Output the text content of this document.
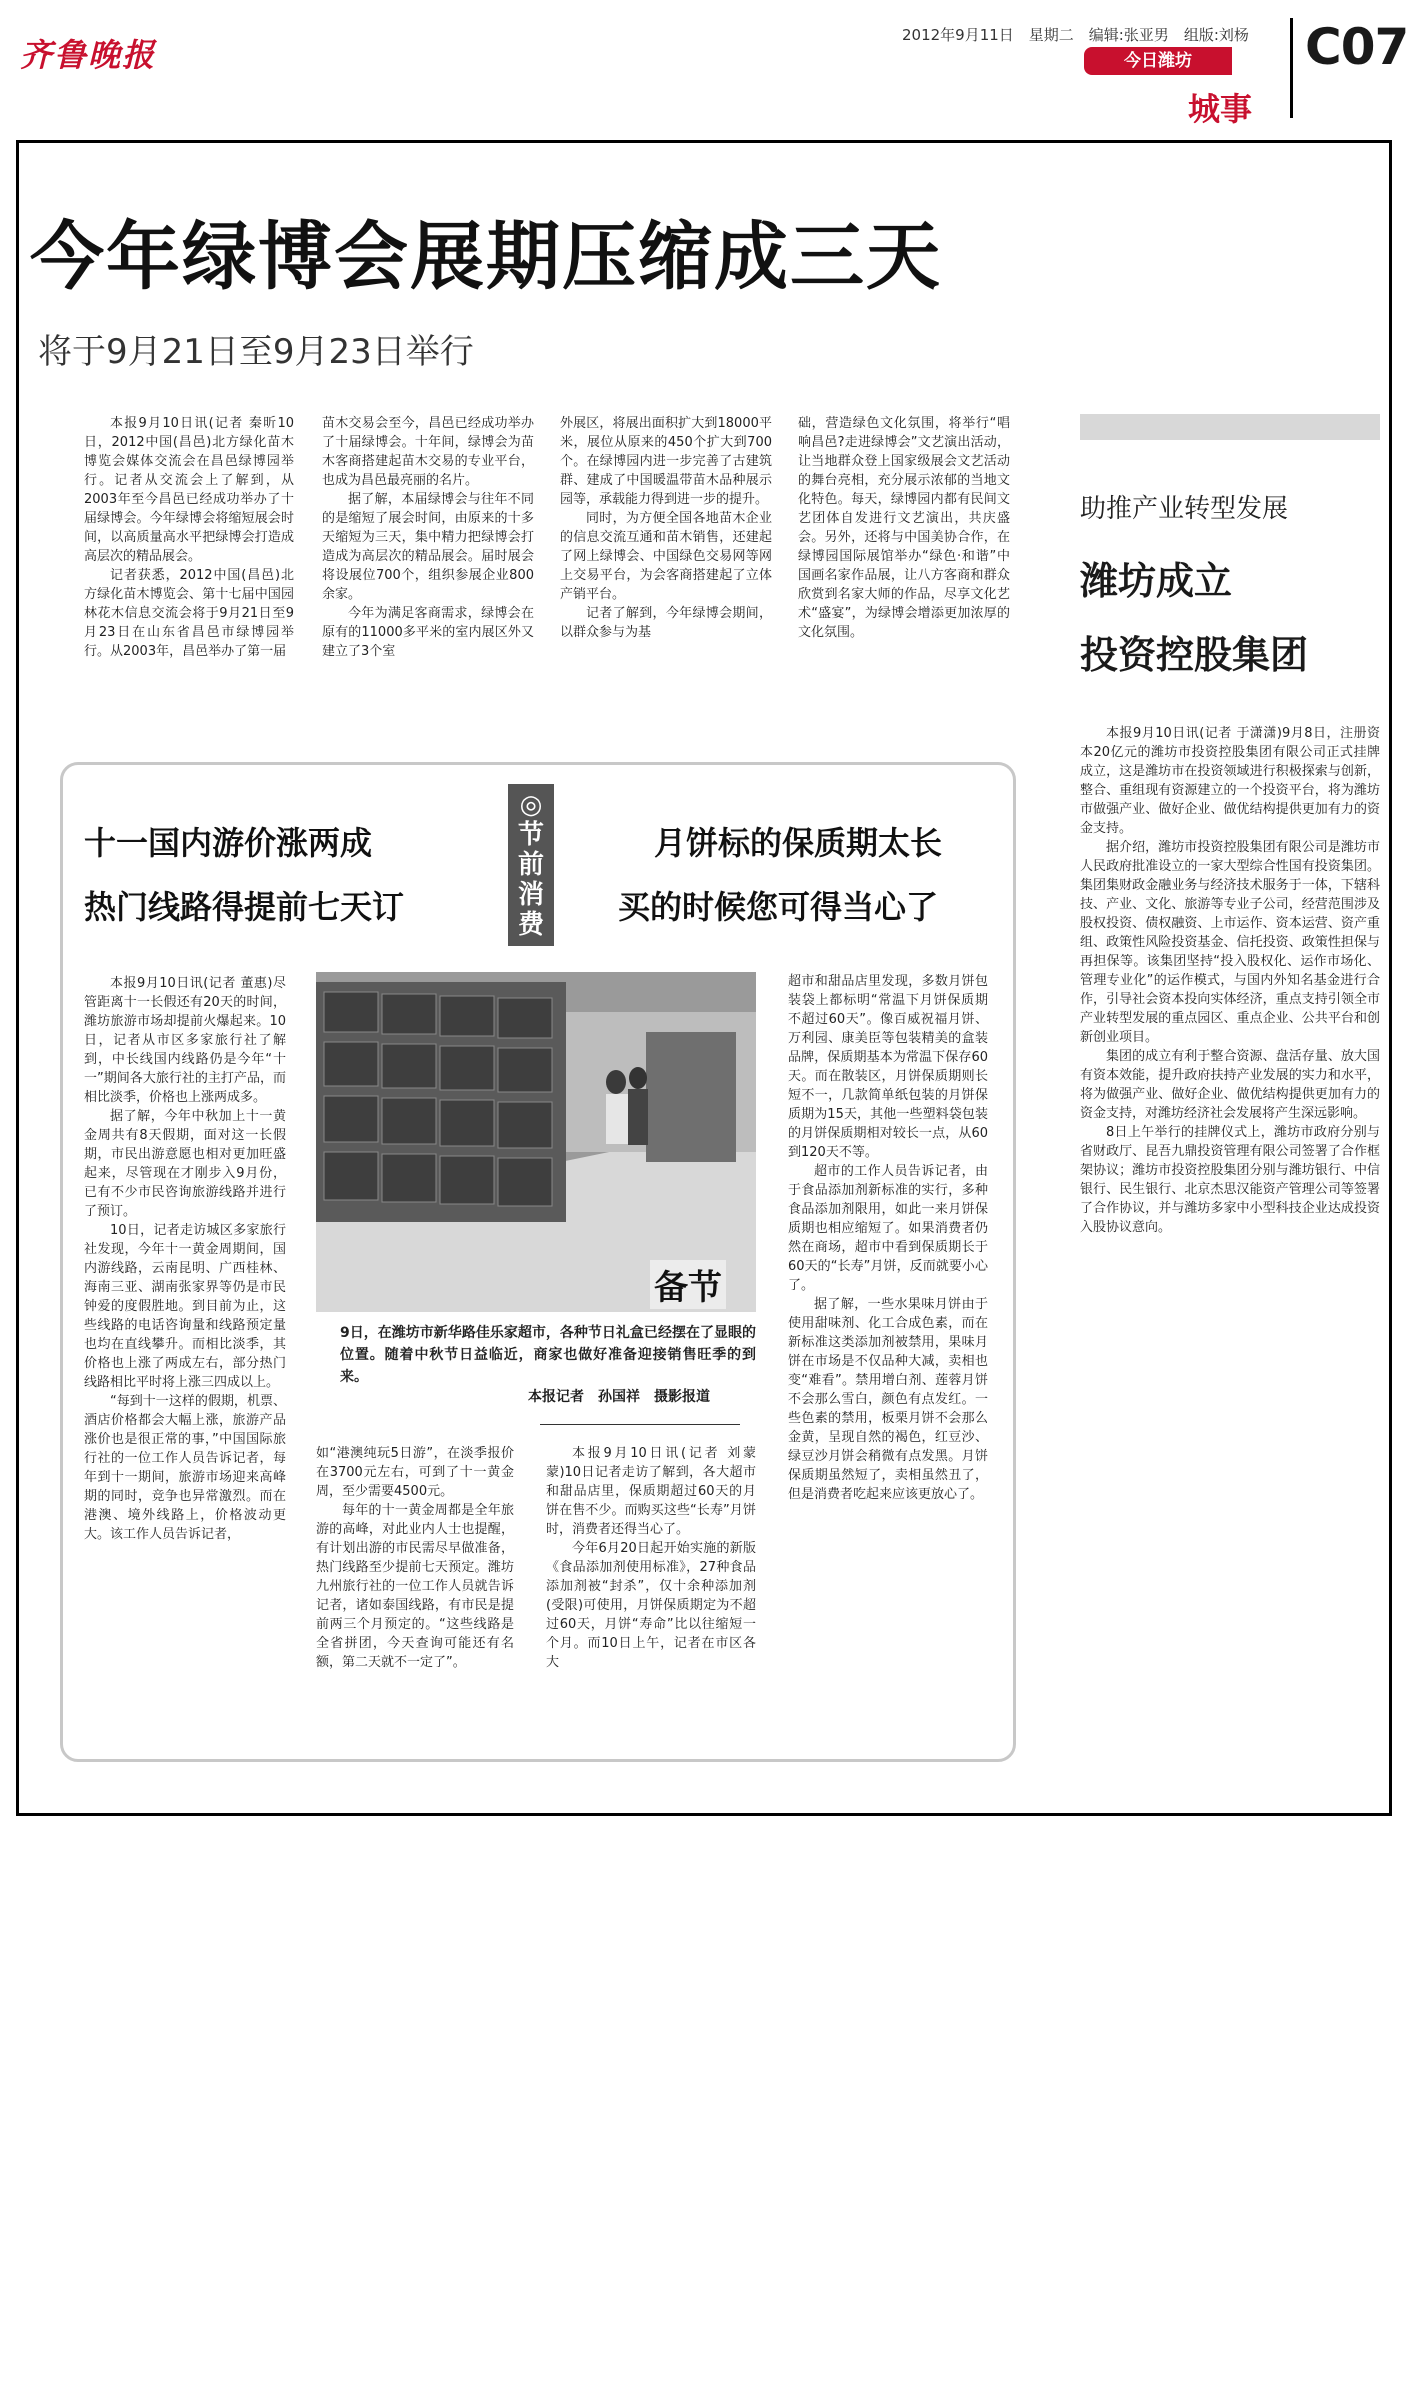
齐鲁晚报
2012年9月11日　星期二　编辑:张亚男　组版:刘杨
今日潍坊
城事
C07
今年绿博会展期压缩成三天
将于9月21日至9月23日举行

本报9月10日讯(记者 秦昕10日，2012中国(昌邑)北方绿化苗木博览会媒体交流会在昌邑绿博园举行。记者从交流会上了解到，从2003年至今昌邑已经成功举办了十届绿博会。今年绿博会将缩短展会时间，以高质量高水平把绿博会打造成高层次的精品展会。

记者获悉，2012中国(昌邑)北方绿化苗木博览会、第十七届中国园林花木信息交流会将于9月21日至9月23日在山东省昌邑市绿博园举行。从2003年，昌邑举办了第一届

苗木交易会至今，昌邑已经成功举办了十届绿博会。十年间，绿博会为苗木客商搭建起苗木交易的专业平台，也成为昌邑最亮丽的名片。

据了解，本届绿博会与往年不同的是缩短了展会时间，由原来的十多天缩短为三天，集中精力把绿博会打造成为高层次的精品展会。届时展会将设展位700个，组织参展企业800余家。

今年为满足客商需求，绿博会在原有的11000多平米的室内展区外又建立了3个室

外展区，将展出面积扩大到18000平米，展位从原来的450个扩大到700个。在绿博园内进一步完善了古建筑群、建成了中国暖温带苗木品种展示园等，承载能力得到进一步的提升。

同时，为方便全国各地苗木企业的信息交流互通和苗木销售，还建起了网上绿博会、中国绿色交易网等网上交易平台，为会客商搭建起了立体产销平台。

记者了解到，今年绿博会期间，以群众参与为基

础，营造绿色文化氛围，将举行“唱响昌邑?走进绿博会”文艺演出活动，让当地群众登上国家级展会文艺活动的舞台亮相，充分展示浓郁的当地文化特色。每天，绿博园内都有民间文艺团体自发进行文艺演出，共庆盛会。另外，还将与中国美协合作，在绿博园国际展馆举办“绿色·和谐”中国画名家作品展，让八方客商和群众欣赏到名家大师的作品，尽享文化艺术“盛宴”，为绿博会增添更加浓厚的文化氛围。

助推产业转型发展
潍坊成立
投资控股集团

本报9月10日讯(记者 于潇潇)9月8日，注册资本20亿元的潍坊市投资控股集团有限公司正式挂牌成立，这是潍坊市在投资领域进行积极探索与创新，整合、重组现有资源建立的一个投资平台，将为潍坊市做强产业、做好企业、做优结构提供更加有力的资金支持。

据介绍，潍坊市投资控股集团有限公司是潍坊市人民政府批准设立的一家大型综合性国有投资集团。集团集财政金融业务与经济技术服务于一体，下辖科技、产业、文化、旅游等专业子公司，经营范围涉及股权投资、债权融资、上市运作、资本运营、资产重组、政策性风险投资基金、信托投资、政策性担保与再担保等。该集团坚持“投入股权化、运作市场化、管理专业化”的运作模式，与国内外知名基金进行合作，引导社会资本投向实体经济，重点支持引领全市产业转型发展的重点园区、重点企业、公共平台和创新创业项目。

集团的成立有利于整合资源、盘活存量、放大国有资本效能，提升政府扶持产业发展的实力和水平，将为做强产业、做好企业、做优结构提供更加有力的资金支持，对潍坊经济社会发展将产生深远影响。

8日上午举行的挂牌仪式上，潍坊市政府分别与省财政厅、昆吾九鼎投资管理有限公司签署了合作框架协议；潍坊市投资控股集团分别与潍坊银行、中信银行、民生银行、北京杰思汉能资产管理公司等签署了合作协议，并与潍坊多家中小型科技企业达成投资入股协议意向。

十一国内游价涨两成
热门线路得提前七天订
◎节前消费◎
月饼标的保质期太长
买的时候您可得当心了

本报9月10日讯(记者 董惠)尽管距离十一长假还有20天的时间，潍坊旅游市场却提前火爆起来。10日，记者从市区多家旅行社了解到，中长线国内线路仍是今年“十一”期间各大旅行社的主打产品，而相比淡季，价格也上涨两成多。

据了解，今年中秋加上十一黄金周共有8天假期，面对这一长假期，市民出游意愿也相对更加旺盛起来，尽管现在才刚步入9月份，已有不少市民咨询旅游线路并进行了预订。

10日，记者走访城区多家旅行社发现，今年十一黄金周期间，国内游线路，云南昆明、广西桂林、海南三亚、湖南张家界等仍是市民钟爱的度假胜地。到目前为止，这些线路的电话咨询量和线路预定量也均在直线攀升。而相比淡季，其价格也上涨了两成左右，部分热门线路相比平时将上涨三四成以上。

“每到十一这样的假期，机票、酒店价格都会大幅上涨，旅游产品涨价也是很正常的事，”中国国际旅行社的一位工作人员告诉记者，每年到十一期间，旅游市场迎来高峰期的同时，竞争也异常激烈。而在港澳、境外线路上，价格波动更大。该工作人员告诉记者，

如“港澳纯玩5日游”，在淡季报价在3700元左右，可到了十一黄金周，至少需要4500元。

每年的十一黄金周都是全年旅游的高峰，对此业内人士也提醒，有计划出游的市民需尽早做准备，热门线路至少提前七天预定。潍坊九州旅行社的一位工作人员就告诉记者，诸如泰国线路，有市民是提前两三个月预定的。“这些线路是全省拼团，今天查询可能还有名额，第二天就不一定了”。

备节
9日，在潍坊市新华路佳乐家超市，各种节日礼盒已经摆在了显眼的位置。随着中秋节日益临近，商家也做好准备迎接销售旺季的到来。
本报记者　孙国祥　摄影报道

本报9月10日讯(记者 刘蒙蒙)10日记者走访了解到，各大超市和甜品店里，保质期超过60天的月饼在售不少。而购买这些“长寿”月饼时，消费者还得当心了。

今年6月20日起开始实施的新版《食品添加剂使用标准》，27种食品添加剂被“封杀”，仅十余种添加剂(受限)可使用，月饼保质期定为不超过60天，月饼“寿命”比以往缩短一个月。而10日上午，记者在市区各大

超市和甜品店里发现，多数月饼包装袋上都标明“常温下月饼保质期不超过60天”。像百威祝福月饼、万利园、康美臣等包装精美的盒装品牌，保质期基本为常温下保存60天。而在散装区，月饼保质期则长短不一，几款简单纸包装的月饼保质期为15天，其他一些塑料袋包装的月饼保质期相对较长一点，从60到120天不等。

超市的工作人员告诉记者，由于食品添加剂新标准的实行，多种食品添加剂限用，如此一来月饼保质期也相应缩短了。如果消费者仍然在商场，超市中看到保质期长于60天的“长寿”月饼，反而就要小心了。

据了解，一些水果味月饼由于使用甜味剂、化工合成色素，而在新标准这类添加剂被禁用，果味月饼在市场是不仅品种大减，卖相也变“难看”。禁用增白剂、莲蓉月饼不会那么雪白，颜色有点发红。一些色素的禁用，板栗月饼不会那么金黄，呈现自然的褐色，红豆沙、绿豆沙月饼会稍微有点发黑。月饼保质期虽然短了，卖相虽然丑了，但是消费者吃起来应该更放心了。
